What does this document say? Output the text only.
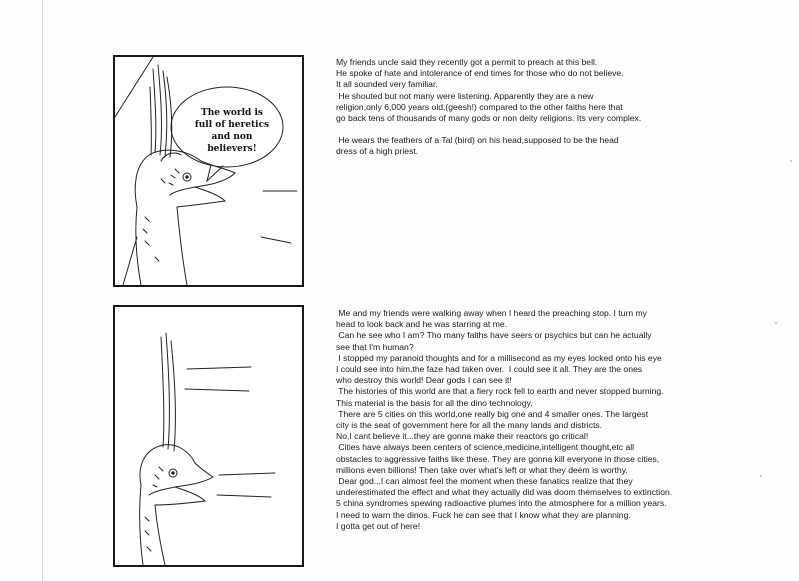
The world is full of heretics and non believers!

My friends uncle said they recently got a permit to preach at this bell.

He spoke of hate and intolerance of end times for those who do not believe.

It all sounded very familiar.

He shouted but not many were listening. Apparently they are a new

religion,only 6,000 years old,(geesh!) compared to the other faiths here that

go back tens of thousands of many gods or non deity religions. Its very complex.

He wears the feathers of a Tal (bird) on his head,supposed to be the head

dress of a high priest.

Me and my friends were walking away when I heard the preaching stop. I turn my

head to look back and he was starring at me.

Can he see who I am? Tho many faiths have seers or psychics but can he actually

see that I'm human?

I stopped my paranoid thoughts and for a millisecond as my eyes locked onto his eye

I could see into him,the faze had taken over.  I could see it all. They are the ones

who destroy this world! Dear gods I can see it!

The histories of this world are that a fiery rock fell to earth and never stopped burning.

This material is the basis for all the dino technology.

There are 5 cities on this world,one really big one and 4 smaller ones. The largest

city is the seat of government here for all the many lands and districts.

No,I cant believe it...they are gonna make their reactors go critical!

Cities have always been centers of science,medicine,intelligent thought,etc all

obstacles to aggressive faiths like these. They are gonna kill everyone in those cities,

millions even billions! Then take over what's left or what they deem is worthy.

Dear god...I can almost feel the moment when these fanatics realize that they

underestimated the effect and what they actually did was doom themselves to extinction.

5 china syndromes spewing radioactive plumes into the atmosphere for a million years.

I need to warn the dinos. Fuck he can see that I know what they are planning.

I gotta get out of here!
